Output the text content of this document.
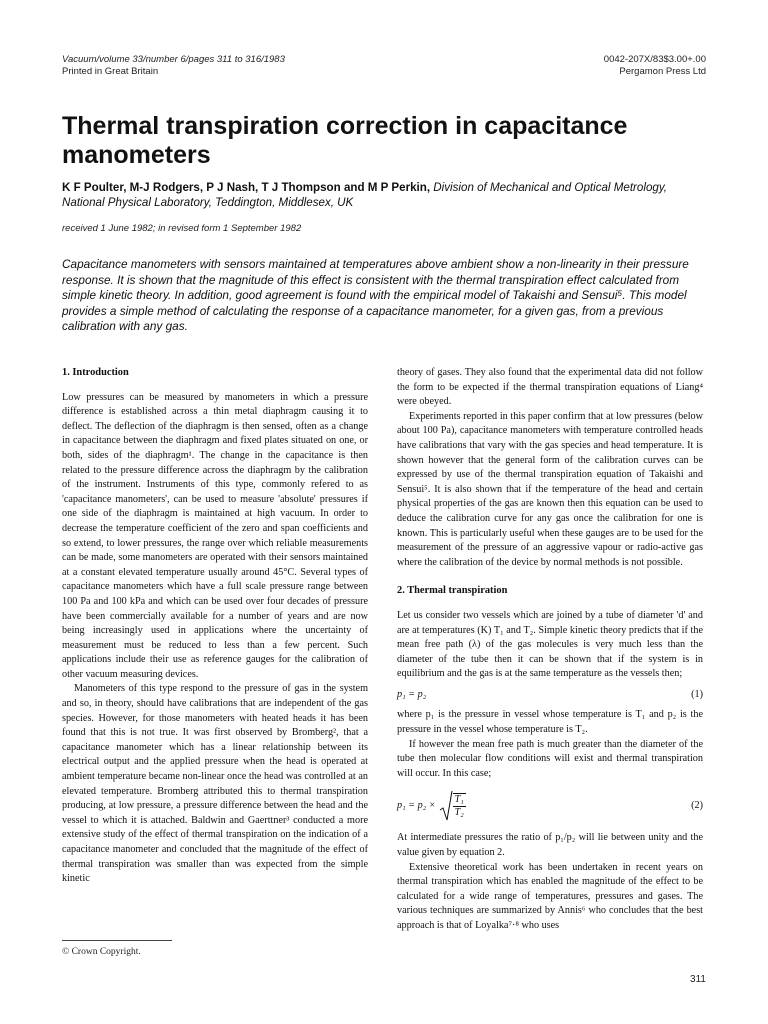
Vacuum/volume 33/number 6/pages 311 to 316/1983
Printed in Great Britain
0042-207X/83$3.00+.00
Pergamon Press Ltd
Thermal transpiration correction in capacitance manometers
K F Poulter, M-J Rodgers, P J Nash, T J Thompson and M P Perkin, Division of Mechanical and Optical Metrology, National Physical Laboratory, Teddington, Middlesex, UK
received 1 June 1982; in revised form 1 September 1982
Capacitance manometers with sensors maintained at temperatures above ambient show a non-linearity in their pressure response. It is shown that the magnitude of this effect is consistent with the thermal transpiration effect calculated from simple kinetic theory. In addition, good agreement is found with the empirical model of Takaishi and Sensui⁵. This model provides a simple method of calculating the response of a capacitance manometer, for a given gas, from a previous calibration with any gas.
1. Introduction

Low pressures can be measured by manometers in which a pressure difference is established across a thin metal diaphragm causing it to deflect. The deflection of the diaphragm is then sensed, often as a change in capacitance between the diaphragm and fixed plates situated on one, or both, sides of the diaphragm¹. The change in the capacitance is then related to the pressure difference across the diaphragm by the calibration of the instrument. Instruments of this type, commonly refered to as 'capacitance manometers', can be used to measure 'absolute' pressures if one side of the diaphragm is maintained at high vacuum. In order to decrease the temperature coefficient of the zero and span coefficients and so extend, to lower pressures, the range over which reliable measurements can be made, some manometers are operated with their sensors maintained at a constant elevated temperature usually around 45°C. Several types of capacitance manometers which have a full scale pressure range between 100 Pa and 100 kPa and which can be used over four decades of pressure have been commercially available for a number of years and are now being increasingly used in applications where the uncertainty of measurement must be reduced to less than a few percent. Such applications include their use as reference gauges for the calibration of other vacuum measuring devices.

Manometers of this type respond to the pressure of gas in the system and so, in theory, should have calibrations that are independent of the gas species. However, for those manometers with heated heads it has been found that this is not true. It was first observed by Bromberg², that a capacitance manometer which has a linear relationship between its electrical output and the applied pressure when the head is operated at ambient temperature became non-linear once the head was controlled at an elevated temperature. Bromberg attributed this to thermal transpiration producing, at low pressure, a pressure difference between the head and the vessel to which it is attached. Baldwin and Gaerttner³ conducted a more extensive study of the effect of thermal transpiration on the indication of a capacitance manometer and concluded that the magnitude of the effect of thermal transpiration was smaller than was expected from the simple kinetic

theory of gases. They also found that the experimental data did not follow the form to be expected if the thermal transpiration equations of Liang⁴ were obeyed.

Experiments reported in this paper confirm that at low pressures (below about 100 Pa), capacitance manometers with temperature controlled heads have calibrations that vary with the gas species and head temperature. It is shown however that the general form of the calibration curves can be expressed by use of the thermal transpiration equation of Takaishi and Sensui⁵. It is also shown that if the temperature of the head and certain physical properties of the gas are known then this equation can be used to deduce the calibration curve for any gas once the calibration for one is known. This is particularly useful when these gauges are to be used for the measurement of the pressure of an aggressive vapour or radio-active gas where the calibration of the device by normal methods is not possible.

2. Thermal transpiration

Let us consider two vessels which are joined by a tube of diameter 'd' and are at temperatures (K) T₁ and T₂. Simple kinetic theory predicts that if the mean free path (λ) of the gas molecules is very much less than the diameter of the tube then it can be shown that if the system is in equilibrium and the gas is at the same temperature as the vessels then;

p₁ = p₂	(1)

where p₁ is the pressure in vessel whose temperature is T₁ and p₂ is the pressure in the vessel whose temperature is T₂.

If however the mean free path is much greater than the diameter of the tube then molecular flow conditions will exist and thermal transpiration will occur. In this case;

$p_1 = p_2 \times \frac{\text{T₁}}{\text{T₂}}$	(2)

At intermediate pressures the ratio of p₁/p₂ will lie between unity and the value given by equation 2.

Extensive theoretical work has been undertaken in recent years on thermal transpiration which has enabled the magnitude of the effect to be calculated for a wide range of temperatures, pressures and gases. The various techniques are summarized by Annis⁶ who concludes that the best approach is that of Loyalka⁷·⁸ who uses

© Crown Copyright.
311
